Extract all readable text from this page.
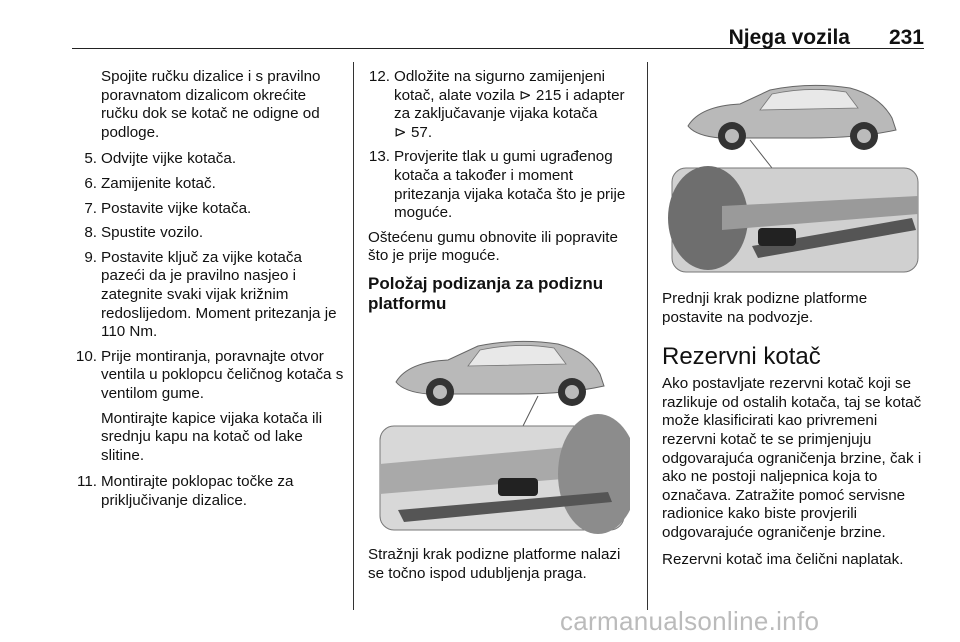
Njega vozila 231

Spojite ručku dizalice i s pravilno poravnatom dizalicom okrećite ručku dok se kotač ne odigne od podloge.

5. Odvijte vijke kotača.
6. Zamijenite kotač.
7. Postavite vijke kotača.
8. Spustite vozilo.
9. Postavite ključ za vijke kotača pazeći da je pravilno nasjeo i zategnite svaki vijak križnim redoslijedom. Moment pritezanja je 110 Nm.
10. Prije montiranja, poravnajte otvor ventila u poklopcu čeličnog kotača s ventilom gume.

Montirajte kapice vijaka kotača ili srednju kapu na kotač od lake slitine.

11. Montirajte poklopac točke za priključivanje dizalice.
12. Odložite na sigurno zamijenjeni kotač, alate vozila ⊳ 215 i adapter za zaključavanje vijaka kotača ⊳ 57.
13. Provjerite tlak u gumi ugrađenog kotača a također i moment pritezanja vijaka kotača što je prije moguće.

Oštećenu gumu obnovite ili popravite što je prije moguće.

Položaj podizanja za podiznu platformu

Stražnji krak podizne platforme nalazi se točno ispod udubljenja praga.

Prednji krak podizne platforme postavite na podvozje.

Rezervni kotač

Ako postavljate rezervni kotač koji se razlikuje od ostalih kotača, taj se kotač može klasificirati kao privremeni rezervni kotač te se primjenjuju odgovarajuća ograničenja brzine, čak i ako ne postoji naljepnica koja to označava. Zatražite pomoć servisne radionice kako biste provjerili odgovarajuće ograničenje brzine.

Rezervni kotač ima čelični naplatak.

carmanualsonline.info
